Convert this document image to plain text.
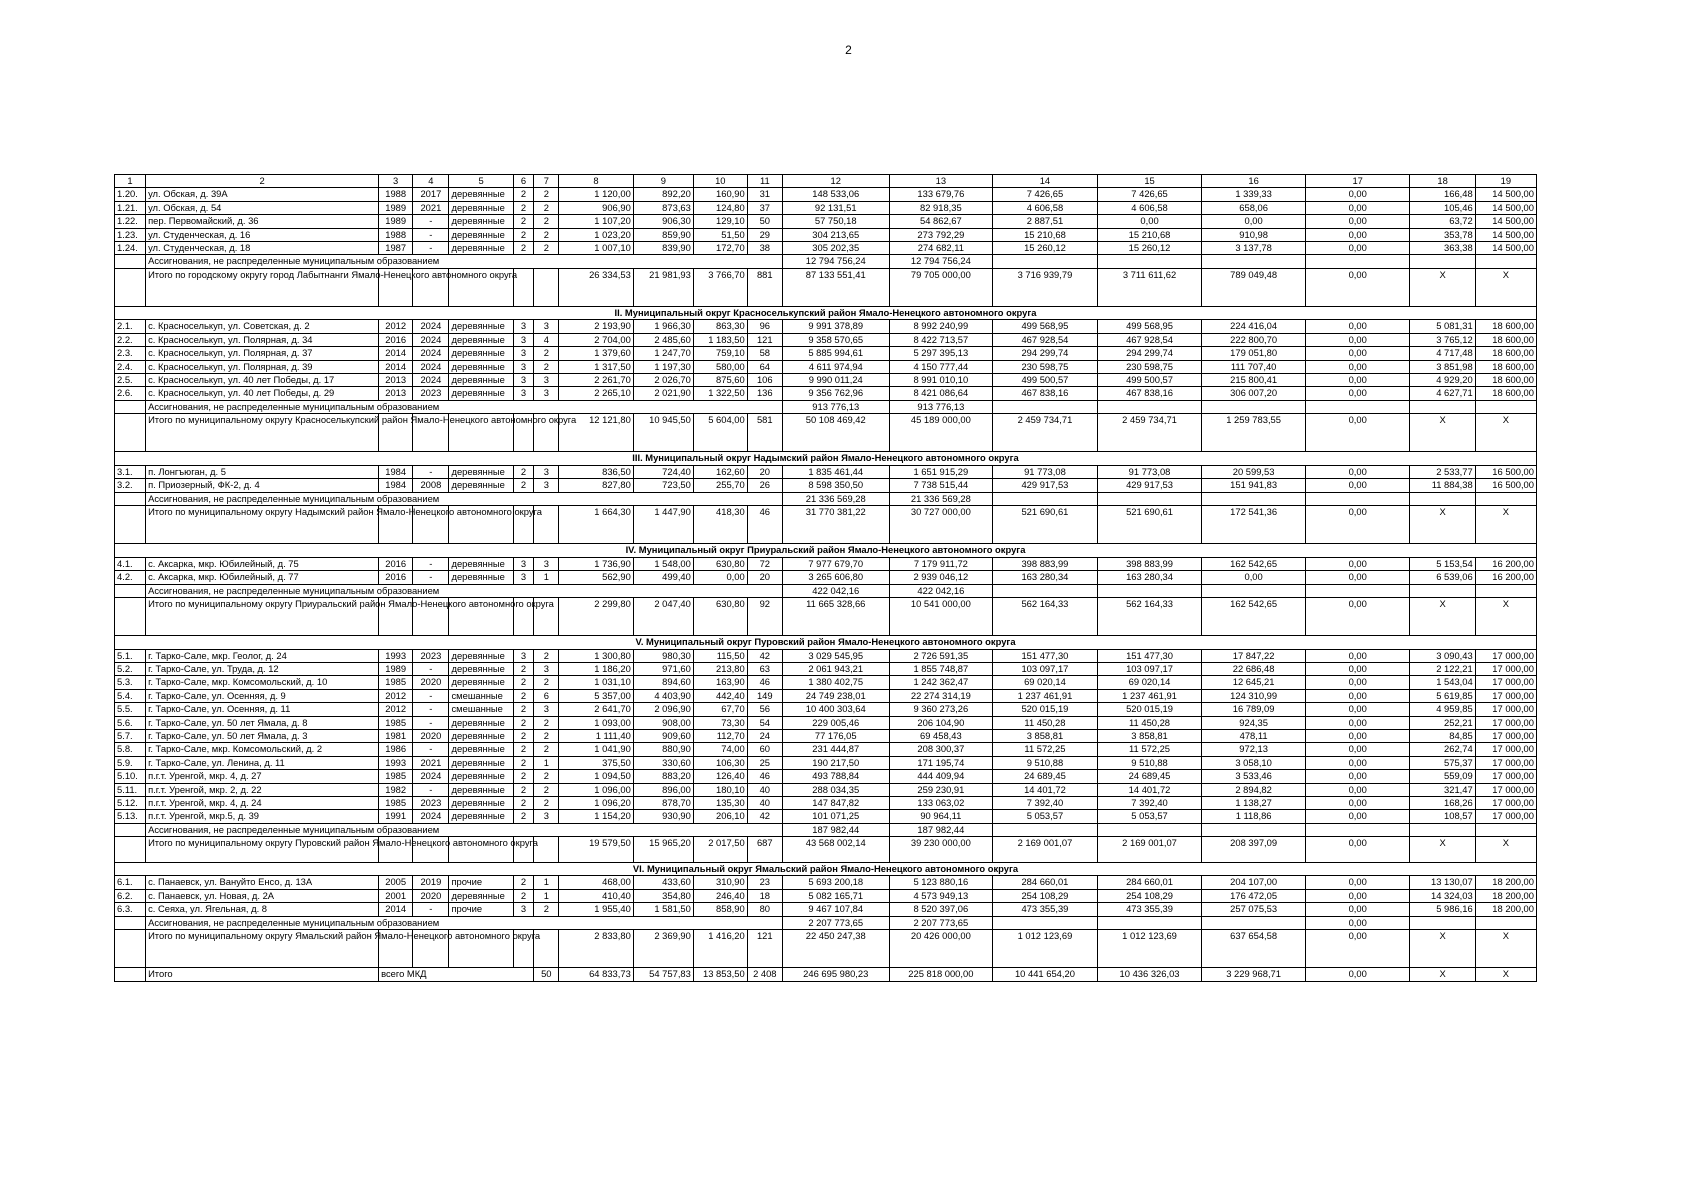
2
1	2	3	4	5	6	7	8	9	10	11	12	13	14	15	16	17	18	19
1.20.	ул. Обская, д. 39А	1988	2017	деревянные	2	2	1 120,00	892,20	160,90	31	148 533,06	133 679,76	7 426,65	7 426,65	1 339,33	0,00	166,48	14 500,00
1.21.	ул. Обская, д. 54	1989	2021	деревянные	2	2	906,90	873,63	124,80	37	92 131,51	82 918,35	4 606,58	4 606,58	658,06	0,00	105,46	14 500,00
1.22.	пер. Первомайский, д. 36	1989	-	деревянные	2	2	1 107,20	906,30	129,10	50	57 750,18	54 862,67	2 887,51	0,00	0,00	0,00	63,72	14 500,00
1.23.	ул. Студенческая, д. 16	1988	-	деревянные	2	2	1 023,20	859,90	51,50	29	304 213,65	273 792,29	15 210,68	15 210,68	910,98	0,00	353,78	14 500,00
1.24.	ул. Студенческая, д. 18	1987	-	деревянные	2	2	1 007,10	839,90	172,70	38	305 202,35	274 682,11	15 260,12	15 260,12	3 137,78	0,00	363,38	14 500,00
	Ассигнования, не распределенные муниципальным образованием										12 794 756,24	12 794 756,24						
	Итого по городскому округу город Лабытнанги Ямало-Ненецкого автономного округа						26 334,53	21 981,93	3 766,70	881	87 133 551,41	79 705 000,00	3 716 939,79	3 711 611,62	789 049,48	0,00	X	X
II. Муниципальный округ Красноселькупский район Ямало-Ненецкого автономного округа																		
2.1.	с. Красноселькуп, ул. Советская, д. 2	2012	2024	деревянные	3	3	2 193,90	1 966,30	863,30	96	9 991 378,89	8 992 240,99	499 568,95	499 568,95	224 416,04	0,00	5 081,31	18 600,00
2.2.	с. Красноселькуп, ул. Полярная, д. 34	2016	2024	деревянные	3	4	2 704,00	2 485,60	1 183,50	121	9 358 570,65	8 422 713,57	467 928,54	467 928,54	222 800,70	0,00	3 765,12	18 600,00
2.3.	с. Красноселькуп, ул. Полярная, д. 37	2014	2024	деревянные	3	2	1 379,60	1 247,70	759,10	58	5 885 994,61	5 297 395,13	294 299,74	294 299,74	179 051,80	0,00	4 717,48	18 600,00
2.4.	с. Красноселькуп, ул. Полярная, д. 39	2014	2024	деревянные	3	2	1 317,50	1 197,30	580,00	64	4 611 974,94	4 150 777,44	230 598,75	230 598,75	111 707,40	0,00	3 851,98	18 600,00
2.5.	с. Красноселькуп, ул. 40 лет Победы, д. 17	2013	2024	деревянные	3	3	2 261,70	2 026,70	875,60	106	9 990 011,24	8 991 010,10	499 500,57	499 500,57	215 800,41	0,00	4 929,20	18 600,00
2.6.	с. Красноселькуп, ул. 40 лет Победы, д. 29	2013	2023	деревянные	3	3	2 265,10	2 021,90	1 322,50	136	9 356 762,96	8 421 086,64	467 838,16	467 838,16	306 007,20	0,00	4 627,71	18 600,00
	Ассигнования, не распределенные муниципальным образованием										913 776,13	913 776,13						
	Итого по муниципальному округу Красноселькупский район Ямало-Ненецкого автономного округа						12 121,80	10 945,50	5 604,00	581	50 108 469,42	45 189 000,00	2 459 734,71	2 459 734,71	1 259 783,55	0,00	X	X
III. Муниципальный округ Надымский район Ямало-Ненецкого автономного округа																		
3.1.	п. Лонгъюган, д. 5	1984	-	деревянные	2	3	836,50	724,40	162,60	20	1 835 461,44	1 651 915,29	91 773,08	91 773,08	20 599,53	0,00	2 533,77	16 500,00
3.2.	п. Приозерный, ФК-2, д. 4	1984	2008	деревянные	2	3	827,80	723,50	255,70	26	8 598 350,50	7 738 515,44	429 917,53	429 917,53	151 941,83	0,00	11 884,38	16 500,00
	Ассигнования, не распределенные муниципальным образованием										21 336 569,28	21 336 569,28						
	Итого по муниципальному округу Надымский район Ямало-Ненецкого автономного округа						1 664,30	1 447,90	418,30	46	31 770 381,22	30 727 000,00	521 690,61	521 690,61	172 541,36	0,00	X	X
IV. Муниципальный округ Приуральский район Ямало-Ненецкого автономного округа																		
4.1.	с. Аксарка, мкр. Юбилейный, д. 75	2016	-	деревянные	3	3	1 736,90	1 548,00	630,80	72	7 977 679,70	7 179 911,72	398 883,99	398 883,99	162 542,65	0,00	5 153,54	16 200,00
4.2.	с. Аксарка, мкр. Юбилейный, д. 77	2016	-	деревянные	3	1	562,90	499,40	0,00	20	3 265 606,80	2 939 046,12	163 280,34	163 280,34	0,00	0,00	6 539,06	16 200,00
	Ассигнования, не распределенные муниципальным образованием										422 042,16	422 042,16						
	Итого по муниципальному округу Приуральский район Ямало-Ненецкого автономного округа						2 299,80	2 047,40	630,80	92	11 665 328,66	10 541 000,00	562 164,33	562 164,33	162 542,65	0,00	X	X
V. Муниципальный округ Пуровский район Ямало-Ненецкого автономного округа																		
5.1.	г. Тарко-Сале, мкр. Геолог, д. 24	1993	2023	деревянные	3	2	1 300,80	980,30	115,50	42	3 029 545,95	2 726 591,35	151 477,30	151 477,30	17 847,22	0,00	3 090,43	17 000,00
5.2.	г. Тарко-Сале, ул. Труда, д. 12	1989	-	деревянные	2	3	1 186,20	971,60	213,80	63	2 061 943,21	1 855 748,87	103 097,17	103 097,17	22 686,48	0,00	2 122,21	17 000,00
5.3.	г. Тарко-Сале, мкр. Комсомольский, д. 10	1985	2020	деревянные	2	2	1 031,10	894,60	163,90	46	1 380 402,75	1 242 362,47	69 020,14	69 020,14	12 645,21	0,00	1 543,04	17 000,00
5.4.	г. Тарко-Сале, ул. Осенняя, д. 9	2012	-	смешанные	2	6	5 357,00	4 403,90	442,40	149	24 749 238,01	22 274 314,19	1 237 461,91	1 237 461,91	124 310,99	0,00	5 619,85	17 000,00
5.5.	г. Тарко-Сале, ул. Осенняя, д. 11	2012	-	смешанные	2	3	2 641,70	2 096,90	67,70	56	10 400 303,64	9 360 273,26	520 015,19	520 015,19	16 789,09	0,00	4 959,85	17 000,00
5.6.	г. Тарко-Сале, ул. 50 лет Ямала, д. 8	1985	-	деревянные	2	2	1 093,00	908,00	73,30	54	229 005,46	206 104,90	11 450,28	11 450,28	924,35	0,00	252,21	17 000,00
5.7.	г. Тарко-Сале, ул. 50 лет Ямала, д. 3	1981	2020	деревянные	2	2	1 111,40	909,60	112,70	24	77 176,05	69 458,43	3 858,81	3 858,81	478,11	0,00	84,85	17 000,00
5.8.	г. Тарко-Сале, мкр. Комсомольский, д. 2	1986	-	деревянные	2	2	1 041,90	880,90	74,00	60	231 444,87	208 300,37	11 572,25	11 572,25	972,13	0,00	262,74	17 000,00
5.9.	г. Тарко-Сале, ул. Ленина, д. 11	1993	2021	деревянные	2	1	375,50	330,60	106,30	25	190 217,50	171 195,74	9 510,88	9 510,88	3 058,10	0,00	575,37	17 000,00
5.10.	п.г.т. Уренгой, мкр. 4, д. 27	1985	2024	деревянные	2	2	1 094,50	883,20	126,40	46	493 788,84	444 409,94	24 689,45	24 689,45	3 533,46	0,00	559,09	17 000,00
5.11.	п.г.т. Уренгой, мкр. 2, д. 22	1982	-	деревянные	2	2	1 096,00	896,00	180,10	40	288 034,35	259 230,91	14 401,72	14 401,72	2 894,82	0,00	321,47	17 000,00
5.12.	п.г.т. Уренгой, мкр. 4, д. 24	1985	2023	деревянные	2	2	1 096,20	878,70	135,30	40	147 847,82	133 063,02	7 392,40	7 392,40	1 138,27	0,00	168,26	17 000,00
5.13.	п.г.т. Уренгой, мкр.5, д. 39	1991	2024	деревянные	2	3	1 154,20	930,90	206,10	42	101 071,25	90 964,11	5 053,57	5 053,57	1 118,86	0,00	108,57	17 000,00
	Ассигнования, не распределенные муниципальным образованием										187 982,44	187 982,44						
	Итого по муниципальному округу Пуровский район Ямало-Ненецкого автономного округа						19 579,50	15 965,20	2 017,50	687	43 568 002,14	39 230 000,00	2 169 001,07	2 169 001,07	208 397,09	0,00	X	X
VI. Муниципальный округ Ямальский район Ямало-Ненецкого автономного округа																		
6.1.	с. Панаевск, ул. Вануйто Енсо, д. 13А	2005	2019	прочие	2	1	468,00	433,60	310,90	23	5 693 200,18	5 123 880,16	284 660,01	284 660,01	204 107,00	0,00	13 130,07	18 200,00
6.2.	с. Панаевск, ул. Новая, д. 2А	2001	2020	деревянные	2	1	410,40	354,80	246,40	18	5 082 165,71	4 573 949,13	254 108,29	254 108,29	176 472,05	0,00	14 324,03	18 200,00
6.3.	с. Сеяха, ул. Ягельная, д. 8	2014	-	прочие	3	2	1 955,40	1 581,50	858,90	80	9 467 107,84	8 520 397,06	473 355,39	473 355,39	257 075,53	0,00	5 986,16	18 200,00
	Ассигнования, не распределенные муниципальным образованием										2 207 773,65	2 207 773,65				0,00		
	Итого по муниципальному округу Ямальский район Ямало-Ненецкого автономного округа						2 833,80	2 369,90	1 416,20	121	22 450 247,38	20 426 000,00	1 012 123,69	1 012 123,69	637 654,58	0,00	X	X
	Итого	всего МКД				50	64 833,73	54 757,83	13 853,50	2 408	246 695 980,23	225 818 000,00	10 441 654,20	10 436 326,03	3 229 968,71	0,00	X	X
